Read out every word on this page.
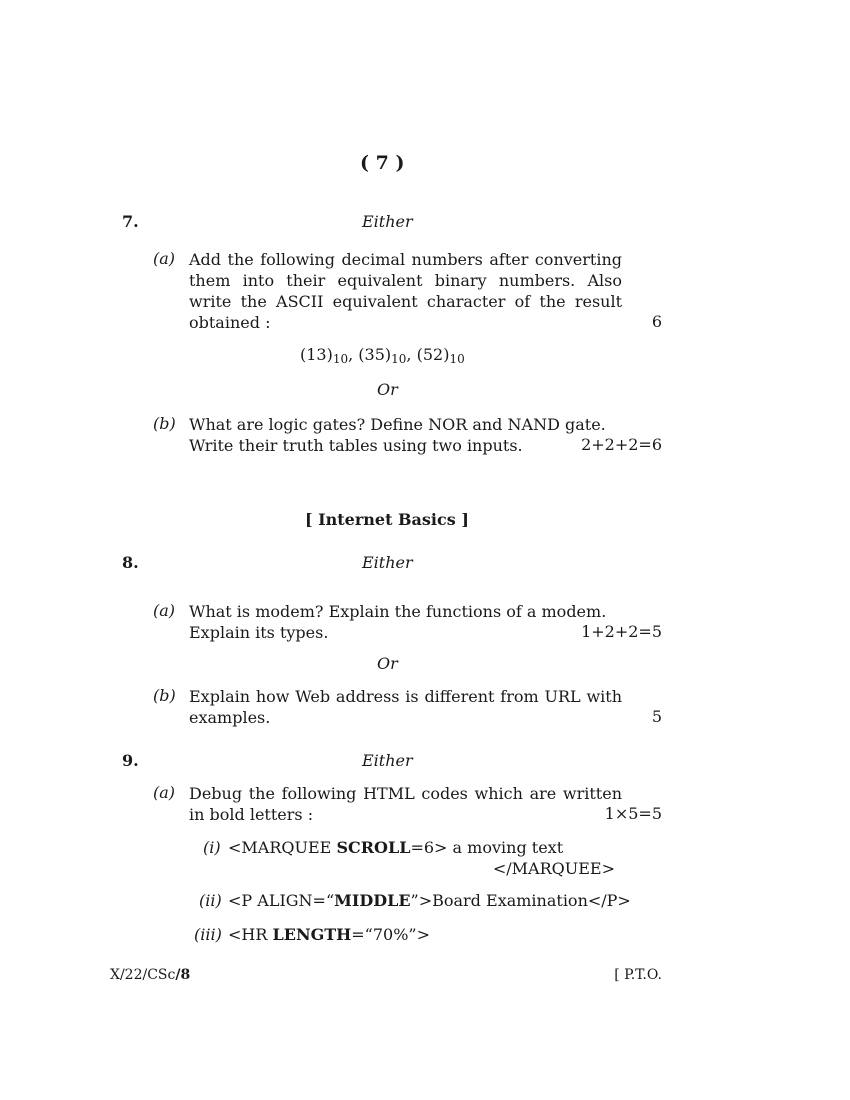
( 7 )
7.	Either
(a) Add the following decimal numbers after converting
them into their equivalent binary numbers. Also
write the ASCII equivalent character of the result
obtained :	6
$(13)_{10}$, $(35)_{10}$, $(52)_{10}$
Or
(b) What are logic gates? Define NOR and NAND gate.
Write their truth tables using two inputs.	2+2+2=6
[ Internet Basics ]
8.	Either
(a) What is modem? Explain the functions of a modem.
Explain its types.	1+2+2=5
Or
(b) Explain how Web address is different from URL with
examples.	5
9.	Either
(a) Debug the following HTML codes which are written
in bold letters :	1×5=5
(i) <MARQUEE SCROLL=6> a moving text
</MARQUEE>
(ii) <P ALIGN=“MIDDLE”>Board Examination</P>
(iii) <HR LENGTH=“70%”>
X/22/CSc/8	[ P.T.O.
